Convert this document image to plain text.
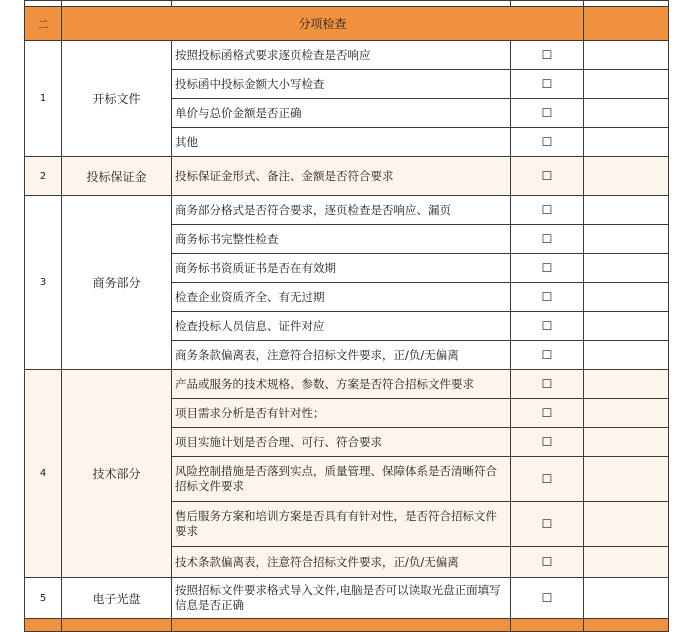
二	分项检查			
1	开标文件	按照投标函格式要求逐页检查是否响应	☐	
		投标函中投标金额大小写检查	☐	
		单价与总价金额是否正确	☐	
		其他	☐	
2	投标保证金	投标保证金形式、备注、金额是否符合要求	☐	
3	商务部分	商务部分格式是否符合要求，逐页检查是否响应、漏页	☐	
		商务标书完整性检查	☐	
		商务标书资质证书是否在有效期	☐	
		检查企业资质齐全、有无过期	☐	
		检查投标人员信息、证件对应	☐	
		商务条款偏离表，注意符合招标文件要求，正/负/无偏离	☐	
4	技术部分	产品或服务的技术规格、参数、方案是否符合招标文件要求	☐	
		项目需求分析是否有针对性；	☐	
		项目实施计划是否合理、可行、符合要求	☐	
		风险控制措施是否落到实点，质量管理、保障体系是否清晰符合招标文件要求	☐	
		售后服务方案和培训方案是否具有有针对性，是否符合招标文件要求	☐	
		技术条款偏离表，注意符合招标文件要求，正/负/无偏离	☐	
5	电子光盘	按照招标文件要求格式导入文件,电脑是否可以读取光盘正面填写信息是否正确	☐	
